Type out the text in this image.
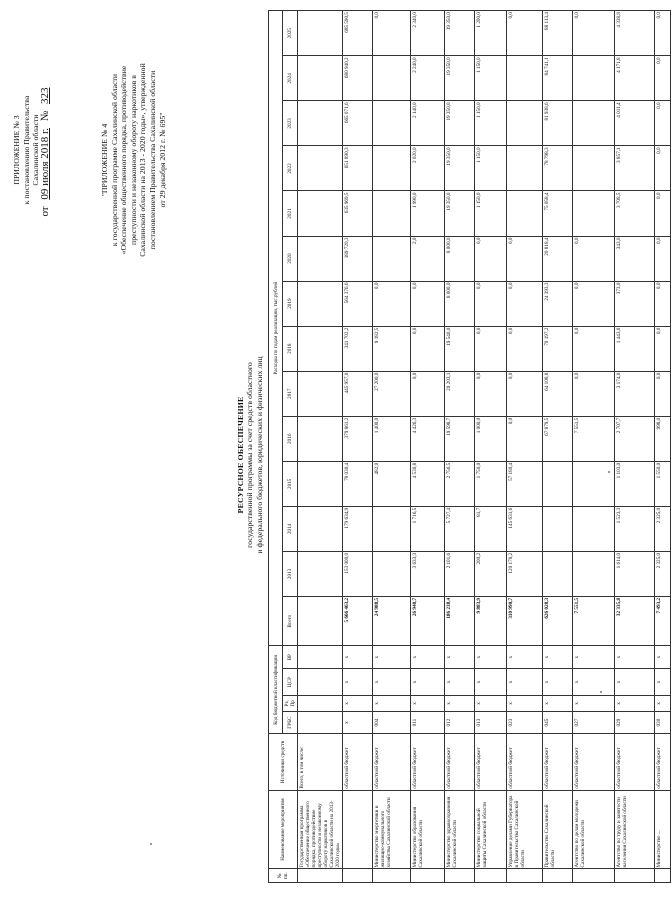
ПРИЛОЖЕНИЕ № 3 к постановлению Правительства Сахалинской области
от 09 июля 2018 г. № 323
"ПРИЛОЖЕНИЕ № 4 к государственной программе Сахалинской области «Обеспечение общественного порядка, противодействие преступности и незаконному обороту наркотиков в Сахалинской области на 2013 - 2020 годы», утвержденной постановлением Правительства Сахалинской области от 29 декабря 2012 г. № 695"
РЕСУРСНОЕ ОБЕСПЕЧЕНИЕ государственной программы за счет средств областного и федерального бюджетов, юридических и физических лиц
№ пп.	Наименование мероприятия	Источники средств	Код бюджетной классификации				Расходы по годам реализации, тыс.рублей													
			ГРБС	Рз, Пр	ЦСР	ВР	Всего	2013	2014	2015	2016	2017	2018	2019	2020	2021	2022	2023	2024	2025
	Государственная программа «Обеспечение общественного порядка, противодействие преступности и незаконному обороту наркотиков в Сахалинской области на 2013-2020 годы»	Всего, в том числе:																		
		областной бюджет	x	x	x	x	5 666 463,2	153 000,0	179 634,9	78 030,4	379 861,2	445 957,0	341 702,2	564 376,6	189 720,3	635 969,5	651 890,3	665 071,6	680 940,2	685 590,5
	Министерство энергетики и жилищно-коммунального хозяйства Сахалинской области	областной бюджет	004	x	x	x	24 988,5			482,0	1 400,0	27 200,0	9 182,5	0,0						0,0
	Министерство образования Сахалинской области	областной бюджет	011	x	x	x	26 940,7	3 633,3	1 716,5	4 530,8	4 426,3	0,0	0,0	0,0	2,0	1 990,0	2 020,0	2 140,0	2 240,0	2 340,0
	Министерство здравоохранения Сахалинской области	областной бюджет	012	x	x	x	186 238,4	2 101,6	5 727,4	2 756,5	19 598,7	20 203,1	19 540,0	8 000,0	8 000,0	19 350,0	19 350,0	19 350,0	19 350,0	19 350,0
	Министерство социальной защиты Сахалинской области	областной бюджет	013	x	x	x	9 883,9	200,2	81,7	1 750,0	1 000,0	0,0	0,0	0,0	0,0	1 150,0	1 150,0	1 150,0	1 150,0	1 200,0
	Управление делами Губернатора и Правительства Сахалинской области	областной бюджет	023	x	x	x	310 990,7	120 178,2	145 631,6	57 180,4	0,0	0,0	0,0	0,0	0,0					0,0
	Правительство Сахалинской области	областной бюджет	045	x	x	x	626 028,3				67 879,5	64 108,8	70 197,2	24 393,3	20 818,4	75 058,4	78 798,3	81 938,6	84 741,1	88 113,4
	Агентство по делам молодежи Сахалинской области	областной бюджет	027	x	x	x	7 551,5				7 551,5	0,0	0,0	0,0	0,0					0,0
	Агентство по труду и занятости населения Сахалинской области	областной бюджет	029	x	x	x	32 335,8	1 614,0	1 523,3	1 103,0	2 707,7	3 174,0	1 443,0	373,0	343,0	3 708,5	3 857,1	4 011,4	4 171,8	4 338,8
	Министерство ...	областной бюджет	030	x	x	x	7 493,2	2 325,0	2 325,0	1 550,0	998,0	0,0	0,0	0,0	0,0	0,0	0,0	0,0	0,0	0,0
